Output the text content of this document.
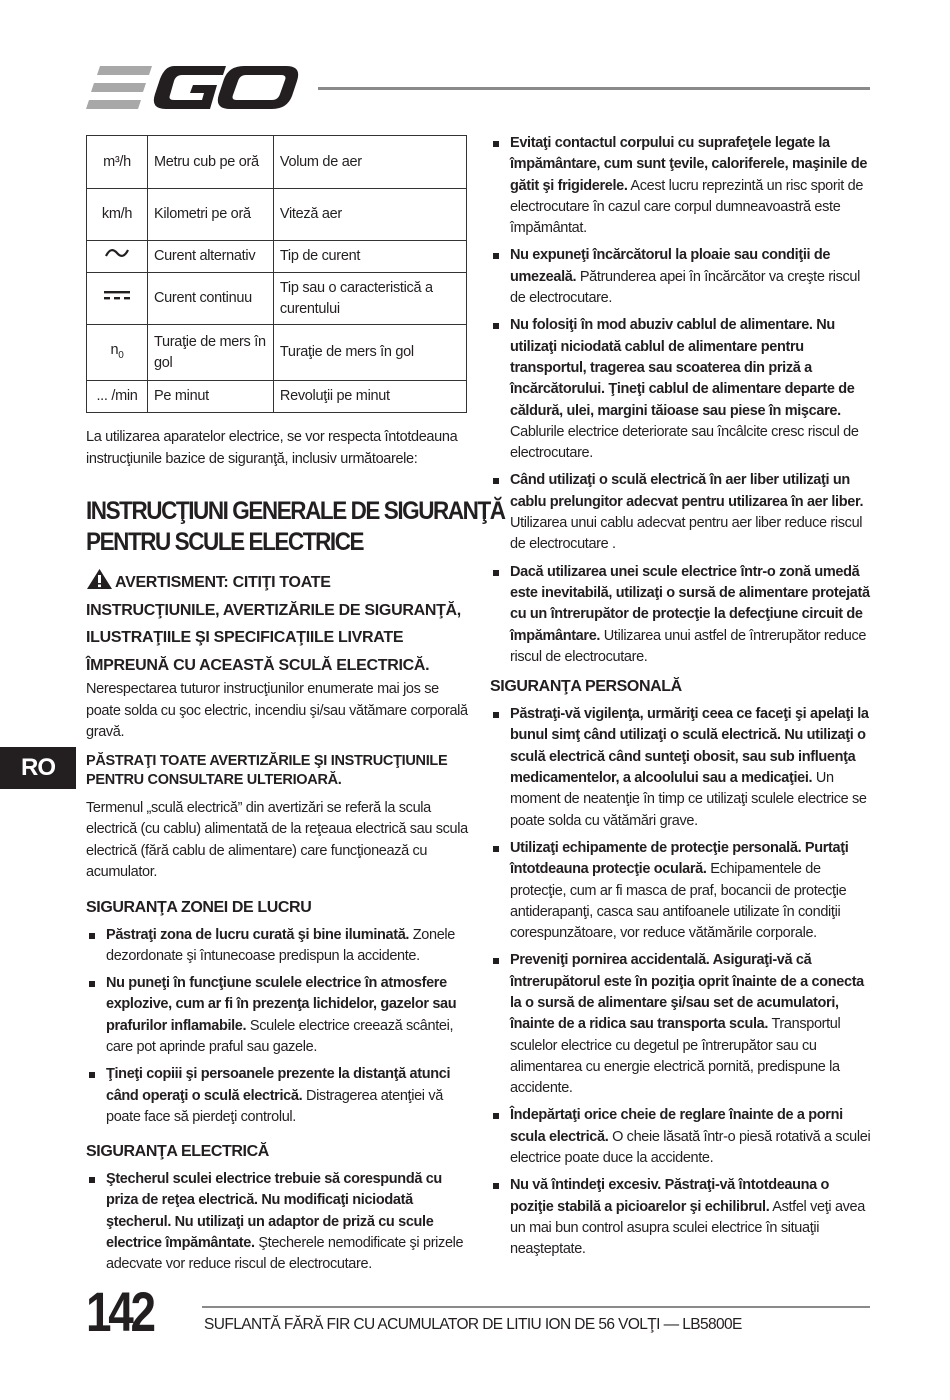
m³/h	Metru cub pe oră	Volum de aer
km/h	Kilometri pe oră	Viteză aer
	Curent alternativ	Tip de curent
	Curent continuu	Tip sau o caracteristică a curentului
$n_0$	Turaţie de mers în gol	Turaţie de mers în gol
... /min	Pe minut	Revoluţii pe minut
La utilizarea aparatelor electrice, se vor respecta întotdeauna instrucţiunile bazice de siguranţă, inclusiv următoarele:
INSTRUCŢIUNI GENERALE DE SIGURANŢĂ
PENTRU SCULE ELECTRICE
AVERTISMENT: CITIŢI TOATE INSTRUCŢIUNILE, AVERTIZĂRILE DE SIGURANŢĂ, ILUSTRAŢIILE ŞI SPECIFICAŢIILE LIVRATE ÎMPREUNĂ CU ACEASTĂ SCULĂ ELECTRICĂ. Nerespectarea tuturor instrucţiunilor enumerate mai jos se poate solda cu şoc electric, incendiu şi/sau vătămare corporală gravă.
PĂSTRAŢI TOATE AVERTIZĂRILE ŞI INSTRUCŢIUNILE PENTRU CONSULTARE ULTERIOARĂ.
Termenul „sculă electrică” din avertizări se referă la scula electrică (cu cablu) alimentată de la reţeaua electrică sau scula electrică (fără cablu de alimentare) care funcţionează cu acumulator.
SIGURANŢA ZONEI DE LUCRU
Păstraţi zona de lucru curată şi bine iluminată. Zonele dezordonate şi întunecoase predispun la accidente.
Nu puneţi în funcţiune sculele electrice în atmosfere explozive, cum ar fi în prezenţa lichidelor, gazelor sau prafurilor inflamabile. Sculele electrice creează scântei, care pot aprinde praful sau gazele.
Ţineţi copiii şi persoanele prezente la distanţă atunci când operaţi o sculă electrică. Distragerea atenţiei vă poate face să pierdeţi controlul.
SIGURANŢA ELECTRICĂ
Ştecherul sculei electrice trebuie să corespundă cu priza de reţea electrică. Nu modificaţi niciodată ştecherul. Nu utilizaţi un adaptor de priză cu scule electrice împământate. Ştecherele nemodificate şi prizele adecvate vor reduce riscul de electrocutare.
Evitaţi contactul corpului cu suprafeţele legate la împământare, cum sunt ţevile, caloriferele, maşinile de gătit şi frigiderele. Acest lucru reprezintă un risc sporit de electrocutare în cazul care corpul dumneavoastră este împământat.
Nu expuneţi încărcătorul la ploaie sau condiţii de umezeală. Pătrunderea apei în încărcător va creşte riscul de electrocutare.
Nu folosiţi în mod abuziv cablul de alimentare. Nu utilizaţi niciodată cablul de alimentare pentru transportul, tragerea sau scoaterea din priză a încărcătorului. Ţineţi cablul de alimentare departe de căldură, ulei, margini tăioase sau piese în mişcare. Cablurile electrice deteriorate sau încâlcite cresc riscul de electrocutare.
Când utilizaţi o sculă electrică în aer liber utilizaţi un cablu prelungitor adecvat pentru utilizarea în aer liber. Utilizarea unui cablu adecvat pentru aer liber reduce riscul de electrocutare .
Dacă utilizarea unei scule electrice într-o zonă umedă este inevitabilă, utilizaţi o sursă de alimentare protejată cu un întrerupător de protecţie la defecţiune circuit de împământare. Utilizarea unui astfel de întrerupător reduce riscul de electrocutare.
SIGURANŢA PERSONALĂ
Păstraţi-vă vigilenţa, urmăriţi ceea ce faceţi şi apelaţi la bunul simţ când utilizaţi o sculă electrică. Nu utilizaţi o sculă electrică când sunteţi obosit, sau sub influenţa medicamentelor, a alcoolului sau a medicaţiei. Un moment de neatenţie în timp ce utilizaţi sculele electrice se poate solda cu vătămări grave.
Utilizaţi echipamente de protecţie personală. Purtaţi întotdeauna protecţie oculară. Echipamentele de protecţie, cum ar fi masca de praf, bocancii de protecţie antiderapanţi, casca sau antifoanele utilizate în condiţii corespunzătoare, vor reduce vătămările corporale.
Preveniţi pornirea accidentală. Asiguraţi-vă că întrerupătorul este în poziţia oprit înainte de a conecta la o sursă de alimentare şi/sau set de acumulatori, înainte de a ridica sau transporta scula. Transportul sculelor electrice cu degetul pe întrerupător sau cu alimentarea cu energie electrică pornită, predispune la accidente.
Îndepărtaţi orice cheie de reglare înainte de a porni scula electrică. O cheie lăsată într-o piesă rotativă a sculei electrice poate duce la accidente.
Nu vă întindeţi excesiv. Păstraţi-vă întotdeauna o poziţie stabilă a picioarelor şi echilibrul. Astfel veţi avea un mai bun control asupra sculei electrice în situaţii neaşteptate.
RO
142	SUFLANTĂ FĂRĂ FIR CU ACUMULATOR DE LITIU ION DE 56 VOLŢI — LB5800E
